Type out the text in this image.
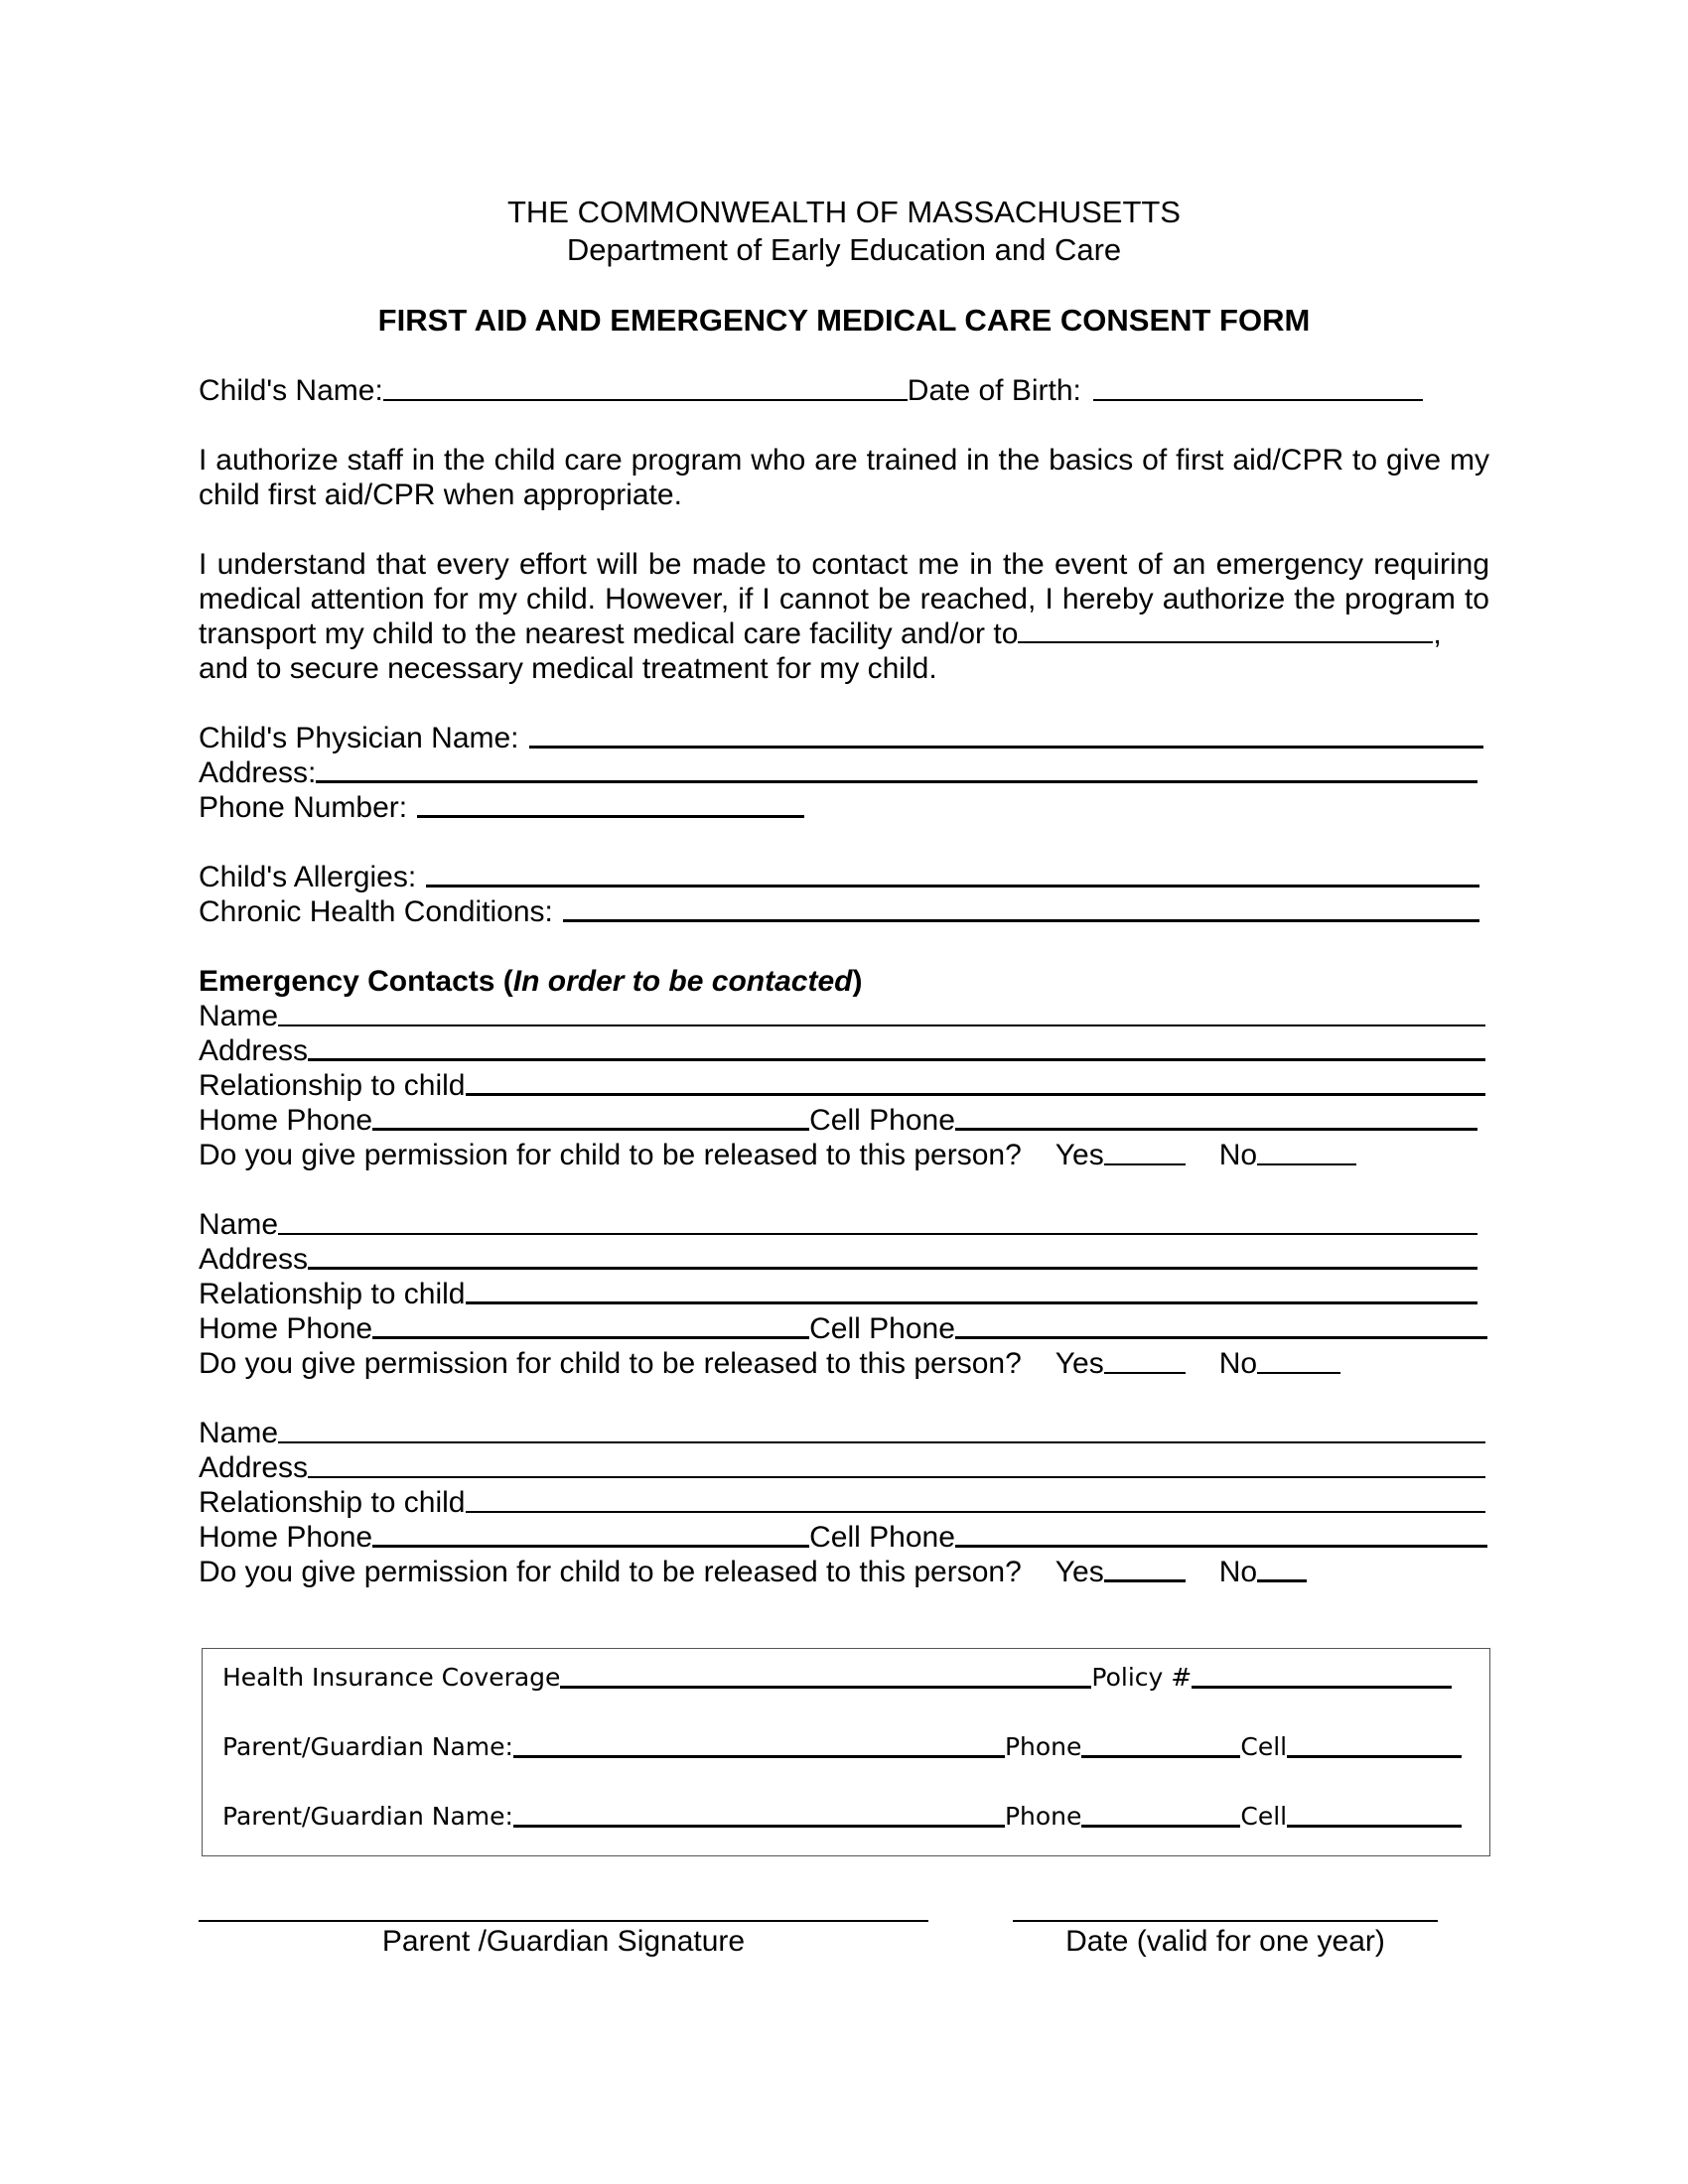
THE COMMONWEALTH OF MASSACHUSETTS
Department of Early Education and Care
FIRST AID AND EMERGENCY MEDICAL CARE CONSENT FORM
Child's Name:	Date of Birth:

I authorize staff in the child care program who are trained in the basics of first aid/CPR to give my child first aid/CPR when appropriate.

I understand that every effort will be made to contact me in the event of an emergency requiring medical attention for my child. However, if I cannot be reached, I hereby authorize the program to transport my child to the nearest medical care facility and/or to	,

and to secure necessary medical treatment for my child.
Child's Physician Name:
Address:
Phone Number:
Child's Allergies:
Chronic Health Conditions:
Emergency Contacts (In order to be contacted)
Name
Address
Relationship to child
Home Phone	Cell Phone
Do you give permission for child to be released to this person? Yes	No
Name
Address
Relationship to child
Home Phone	Cell Phone
Do you give permission for child to be released to this person? Yes	No
Name
Address
Relationship to child
Home Phone	Cell Phone
Do you give permission for child to be released to this person? Yes	No
Health Insurance Coverage	Policy #
Parent/Guardian Name:	Phone	Cell
Parent/Guardian Name:	Phone	Cell
Parent /Guardian Signature	Date (valid for one year)
